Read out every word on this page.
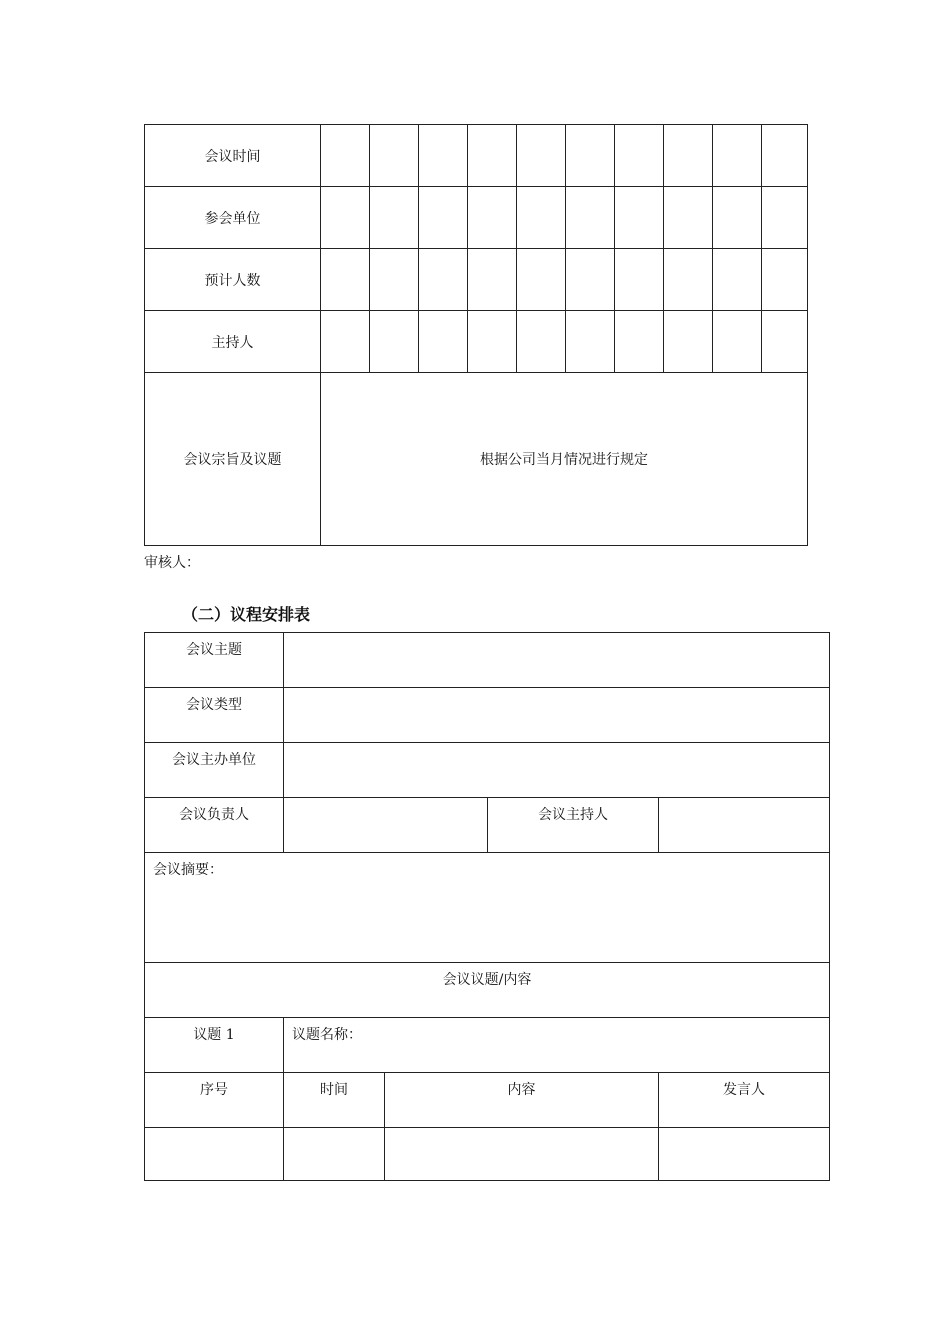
会议时间										
参会单位										
预计人数										
主持人										
会议宗旨及议题	根据公司当月情况进行规定									
审核人：
（二）议程安排表
会议主题				
会议类型				
会议主办单位				
会议负责人			会议主持人	
会议摘要：				
会议议题/内容				
议题 1	议题名称：			
序号	时间	内容		发言人
